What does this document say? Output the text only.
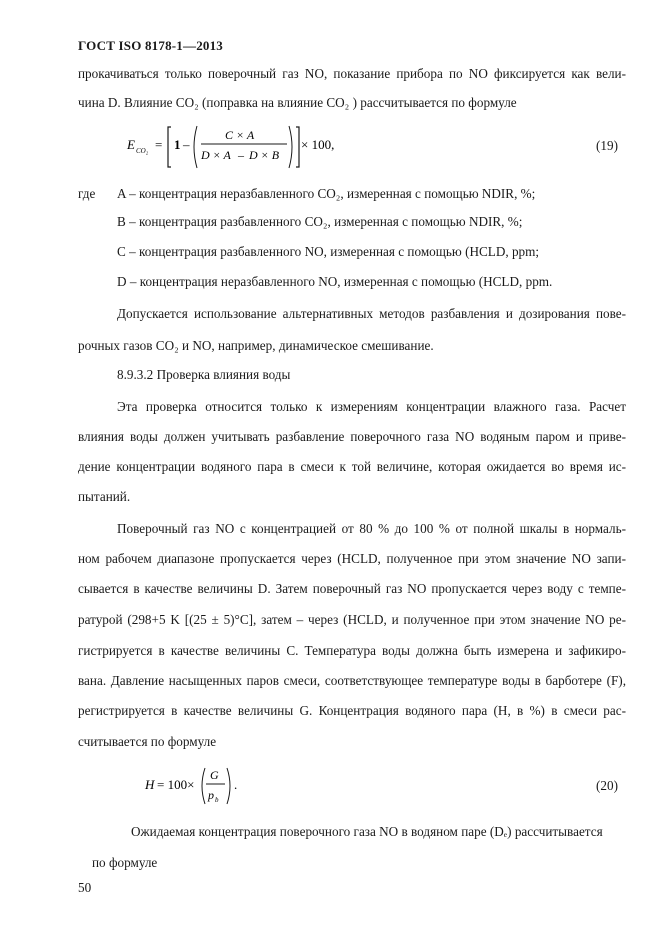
ГОСТ ISO 8178-1—2013
прокачиваться только поверочный газ NO, показание прибора по NO фиксируется как вели-
чина D. Влияние CO₂ (поправка на влияние CO₂ ) рассчитывается по формуле
E CO₂ = 1 –
C × A
D × A – D × B
× 100,	(19)
где A – концентрация неразбавленного CO₂, измеренная с помощью NDIR, %;
B – концентрация разбавленного CO₂, измеренная с помощью NDIR, %;
C – концентрация разбавленного NO, измеренная с помощью (HCLD, ppm;
D – концентрация неразбавленного NO, измеренная с помощью (HCLD, ppm.
Допускается использование альтернативных методов разбавления и дозирования пове-
рочных газов CO₂ и NO, например, динамическое смешивание.
8.9.3.2 Проверка влияния воды
Эта проверка относится только к измерениям концентрации влажного газа. Расчет
влияния воды должен учитывать разбавление поверочного газа NO водяным паром и приве-
дение концентрации водяного пара в смеси к той величине, которая ожидается во время ис-
пытаний.
Поверочный газ NO с концентрацией от 80 % до 100 % от полной шкалы в нормаль-
ном рабочем диапазоне пропускается через (HCLD, полученное при этом значение NO запи-
сывается в качестве величины D. Затем поверочный газ NO пропускается через воду с темпе-
ратурой (298+5 K [(25 ± 5)°C], затем – через (HCLD, и полученное при этом значение NO ре-
гистрируется в качестве величины C. Температура воды должна быть измерена и зафикиро-
вана. Давление насыщенных паров смеси, соответствующее температуре воды в барботере (F),
регистрируется в качестве величины G. Концентрация водяного пара (H, в %) в смеси рас-
считывается по формуле
H = 100×
G
p b
.	(20)
Ожидаемая концентрация поверочного газа NO в водяном паре (Dₑ) рассчитывается
по формуле
50
